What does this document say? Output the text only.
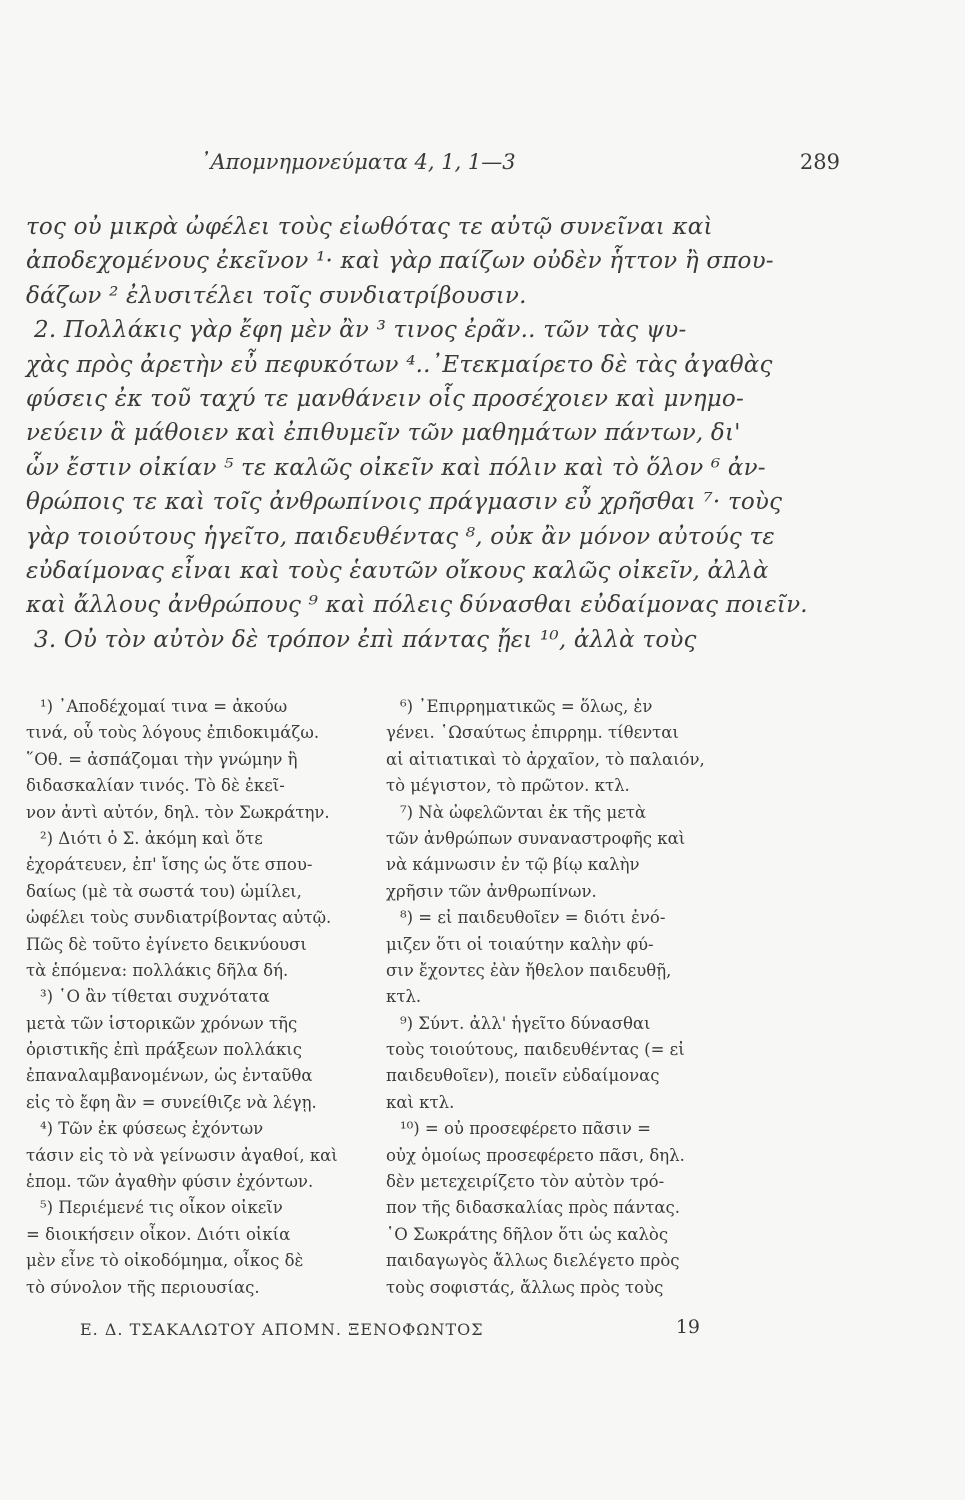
᾿Απομνημονεύματα 4, 1, 1—3	289
τος οὐ μικρὰ ὠφέλει τοὺς εἰωθότας τε αὐτῷ συνεῖναι καὶ
ἀποδεχομένους ἐκεῖνον ¹· καὶ γὰρ παίζων οὐδὲν ἧττον ἢ σπου-
δάζων ² ἐλυσιτέλει τοῖς συνδιατρίβουσιν.
2. Πολλάκις γὰρ ἔφη μὲν ἂν ³ τινος ἐρᾶν.. τῶν τὰς ψυ-
χὰς πρὸς ἀρετὴν εὖ πεφυκότων ⁴..᾿Ετεκμαίρετο δὲ τὰς ἀγαθὰς
φύσεις ἐκ τοῦ ταχύ τε μανθάνειν οἷς προσέχοιεν καὶ μνημο-
νεύειν ἃ μάθοιεν καὶ ἐπιθυμεῖν τῶν μαθημάτων πάντων, δι'
ὧν ἔστιν οἰκίαν ⁵ τε καλῶς οἰκεῖν καὶ πόλιν καὶ τὸ ὅλον ⁶ ἀν-
θρώποις τε καὶ τοῖς ἀνθρωπίνοις πράγμασιν εὖ χρῆσθαι ⁷· τοὺς
γὰρ τοιούτους ἡγεῖτο, παιδευθέντας ⁸, οὐκ ἂν μόνον αὐτούς τε
εὐδαίμονας εἶναι καὶ τοὺς ἑαυτῶν οἴκους καλῶς οἰκεῖν, ἀλλὰ
καὶ ἄλλους ἀνθρώπους ⁹ καὶ πόλεις δύνασθαι εὐδαίμονας ποιεῖν.
3. Οὐ τὸν αὐτὸν δὲ τρόπον ἐπὶ πάντας ᾔει ¹⁰, ἀλλὰ τοὺς
¹) ᾿Αποδέχομαί τινα = ἀκούω
τινά, οὗ τοὺς λόγους ἐπιδοκιμάζω.
῞Οθ. = ἀσπάζομαι τὴν γνώμην ἢ
διδασκαλίαν τινός. Τὸ δὲ ἐκεῖ-
νον ἀντὶ αὐτόν, δηλ. τὸν Σωκράτην.
²) Διότι ὁ Σ. ἀκόμη καὶ ὅτε
ἐχοράτευεν, ἐπ' ἴσης ὡς ὅτε σπου-
δαίως (μὲ τὰ σωστά του) ὡμίλει,
ὠφέλει τοὺς συνδιατρίβοντας αὐτῷ.
Πῶς δὲ τοῦτο ἐγίνετο δεικνύουσι
τὰ ἑπόμενα: πολλάκις δῆλα δή.
³) ῾Ο ἂν τίθεται συχνότατα
μετὰ τῶν ἱστορικῶν χρόνων τῆς
ὁριστικῆς ἐπὶ πράξεων πολλάκις
ἐπαναλαμβανομένων, ὡς ἐνταῦθα
εἰς τὸ ἔφη ἂν = συνείθιζε νὰ λέγῃ.
⁴) Τῶν ἐκ φύσεως ἐχόντων
τάσιν εἰς τὸ νὰ γείνωσιν ἀγαθοί, καὶ
ἑπομ. τῶν ἀγαθὴν φύσιν ἐχόντων.
⁵) Περιέμενέ τις οἶκον οἰκεῖν
= διοικήσειν οἶκον. Διότι οἰκία
μὲν εἶνε τὸ οἰκοδόμημα, οἶκος δὲ
τὸ σύνολον τῆς περιουσίας.
⁶) ᾿Επιρρηματικῶς = ὅλως, ἐν
γένει. ῾Ωσαύτως ἐπιρρημ. τίθενται
αἱ αἰτιατικαὶ τὸ ἀρχαῖον, τὸ παλαιόν,
τὸ μέγιστον, τὸ πρῶτον. κτλ.
⁷) Νὰ ὠφελῶνται ἐκ τῆς μετὰ
τῶν ἀνθρώπων συναναστροφῆς καὶ
νὰ κάμνωσιν ἐν τῷ βίῳ καλὴν
χρῆσιν τῶν ἀνθρωπίνων.
⁸) = εἰ παιδευθοῖεν = διότι ἐνό-
μιζεν ὅτι οἱ τοιαύτην καλὴν φύ-
σιν ἔχοντες ἐὰν ἤθελον παιδευθῇ,
κτλ.
⁹) Σύντ. ἀλλ' ἡγεῖτο δύνασθαι
τοὺς τοιούτους, παιδευθέντας (= εἰ
παιδευθοῖεν), ποιεῖν εὐδαίμονας
καὶ κτλ.
¹⁰) = οὐ προσεφέρετο πᾶσιν =
οὐχ ὁμοίως προσεφέρετο πᾶσι, δηλ.
δὲν μετεχειρίζετο τὸν αὐτὸν τρό-
πον τῆς διδασκαλίας πρὸς πάντας.
῾Ο Σωκράτης δῆλον ὅτι ὡς καλὸς
παιδαγωγὸς ἄλλως διελέγετο πρὸς
τοὺς σοφιστάς, ἄλλως πρὸς τοὺς
Ε. Δ. ΤΣΑΚΑΛΩΤΟΥ ΑΠΟΜΝ. ΞΕΝΟΦΩΝΤΟΣ	19
